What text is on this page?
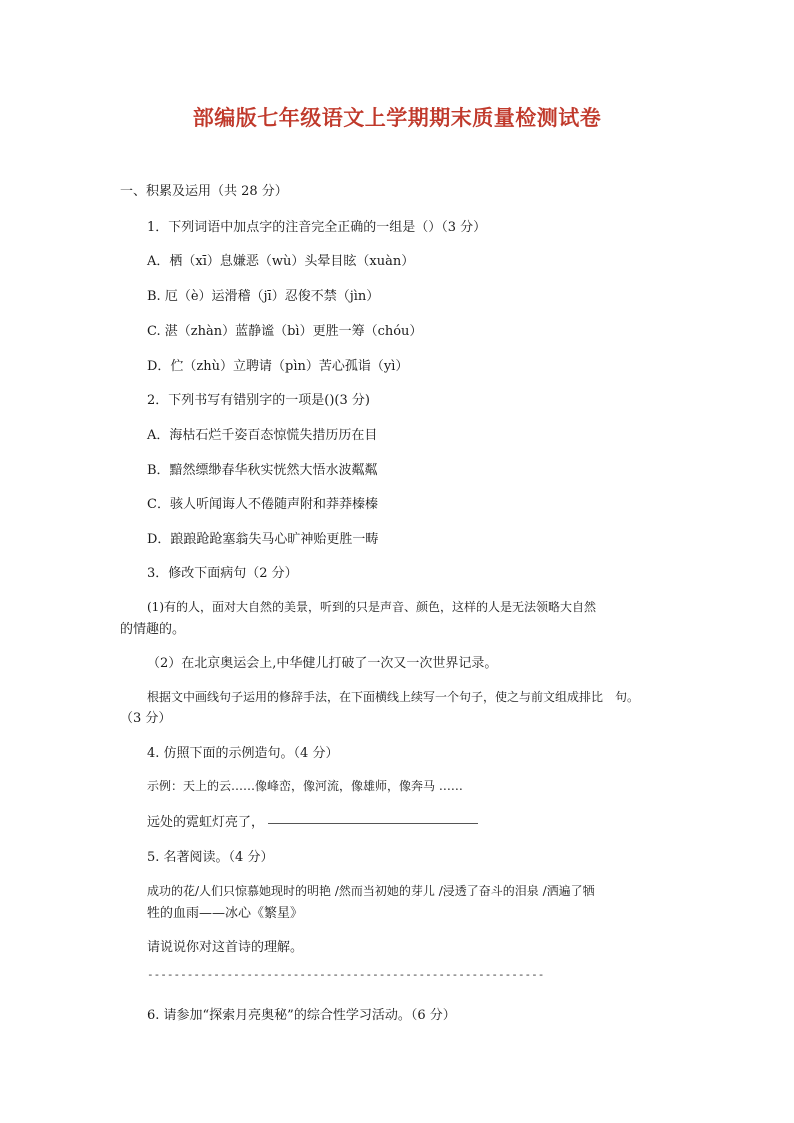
部编版七年级语文上学期期末质量检测试卷
一、积累及运用（共 28 分）
1．下列词语中加点字的注音完全正确的一组是（）（3 分）
A．栖（xī）息嫌恶（wù）头晕目眩（xuàn）
B. 厄（è）运滑稽（jī）忍俊不禁（jìn）
C. 湛（zhàn）蓝静谧（bì）更胜一筹（chóu）
D．伫（zhù）立聘请（pìn）苦心孤诣（yì）
2．下列书写有错别字的一项是()(3 分)
A．海枯石烂千姿百态惊慌失措历历在目
B．黯然缥缈春华秋实恍然大悟水波粼粼
C．骇人听闻诲人不倦随声附和莽莽榛榛
D．踉踉跄跄塞翁失马心旷神贻更胜一畴
3．修改下面病句（2 分）
(1)有的人，面对大自然的美景，听到的只是声音、颜色，这样的人是无法领略大自然
的情趣的。
（2）在北京奥运会上,中华健儿打破了一次又一次世界记录。
根据文中画线句子运用的修辞手法，在下面横线上续写一个句子，使之与前文组成排比　句。
（3 分）
4. 仿照下面的示例造句。（4 分）
示例：天上的云……像峰峦，像河流，像雄师，像奔马 ……
远处的霓虹灯亮了，
5. 名著阅读。（4 分）
成功的花/人们只惊慕她现时的明艳 /然而当初她的芽儿 /浸透了奋斗的泪泉 /洒遍了牺
牲的血雨——冰心《繁星》
请说说你对这首诗的理解。
------------------------------------------------------------
6. 请参加“探索月亮奥秘”的综合性学习活动。（6 分）
